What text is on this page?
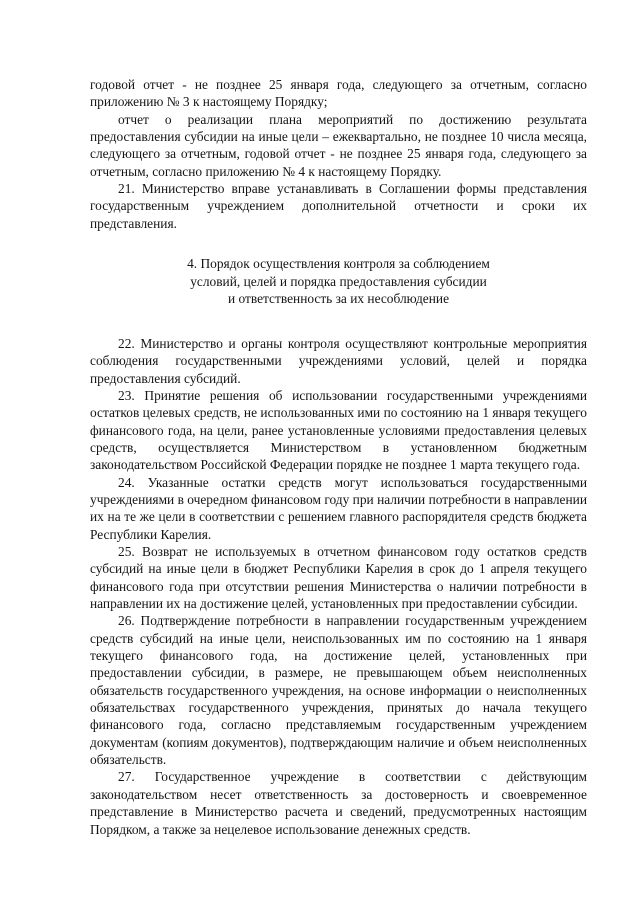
годовой отчет - не позднее 25 января года, следующего за отчетным, согласно приложению № 3 к настоящему Порядку;

отчет о реализации плана мероприятий по достижению результата предоставления субсидии на иные цели – ежеквартально, не позднее 10 числа месяца, следующего за отчетным, годовой отчет - не позднее 25 января года, следующего за отчетным, согласно приложению № 4 к настоящему Порядку.

21. Министерство вправе устанавливать в Соглашении формы представления государственным учреждением дополнительной отчетности и сроки их представления.

4. Порядок осуществления контроля за соблюдением
условий, целей и порядка предоставления субсидии
и ответственность за их несоблюдение

22. Министерство и органы контроля осуществляют контрольные мероприятия соблюдения государственными учреждениями условий, целей и порядка предоставления субсидий.

23. Принятие решения об использовании государственными учреждениями остатков целевых средств, не использованных ими по состоянию на 1 января текущего финансового года, на цели, ранее установленные условиями предоставления целевых средств, осуществляется Министерством в установленном бюджетным законодательством Российской Федерации порядке не позднее 1 марта текущего года.

24. Указанные остатки средств могут использоваться государственными учреждениями в очередном финансовом году при наличии потребности в направлении их на те же цели в соответствии с решением главного распорядителя средств бюджета Республики Карелия.

25. Возврат не используемых в отчетном финансовом году остатков средств субсидий на иные цели в бюджет Республики Карелия в срок до 1 апреля текущего финансового года при отсутствии решения Министерства о наличии потребности в направлении их на достижение целей, установленных при предоставлении субсидии.

26. Подтверждение потребности в направлении государственным учреждением средств субсидий на иные цели, неиспользованных им по состоянию на 1 января текущего финансового года, на достижение целей, установленных при предоставлении субсидии, в размере, не превышающем объем неисполненных обязательств государственного учреждения, на основе информации о неисполненных обязательствах государственного учреждения, принятых до начала текущего финансового года, согласно представляемым государственным учреждением документам (копиям документов), подтверждающим наличие и объем неисполненных обязательств.

27. Государственное учреждение в соответствии с действующим законодательством несет ответственность за достоверность и своевременное представление в Министерство расчета и сведений, предусмотренных настоящим Порядком, а также за нецелевое использование денежных средств.
